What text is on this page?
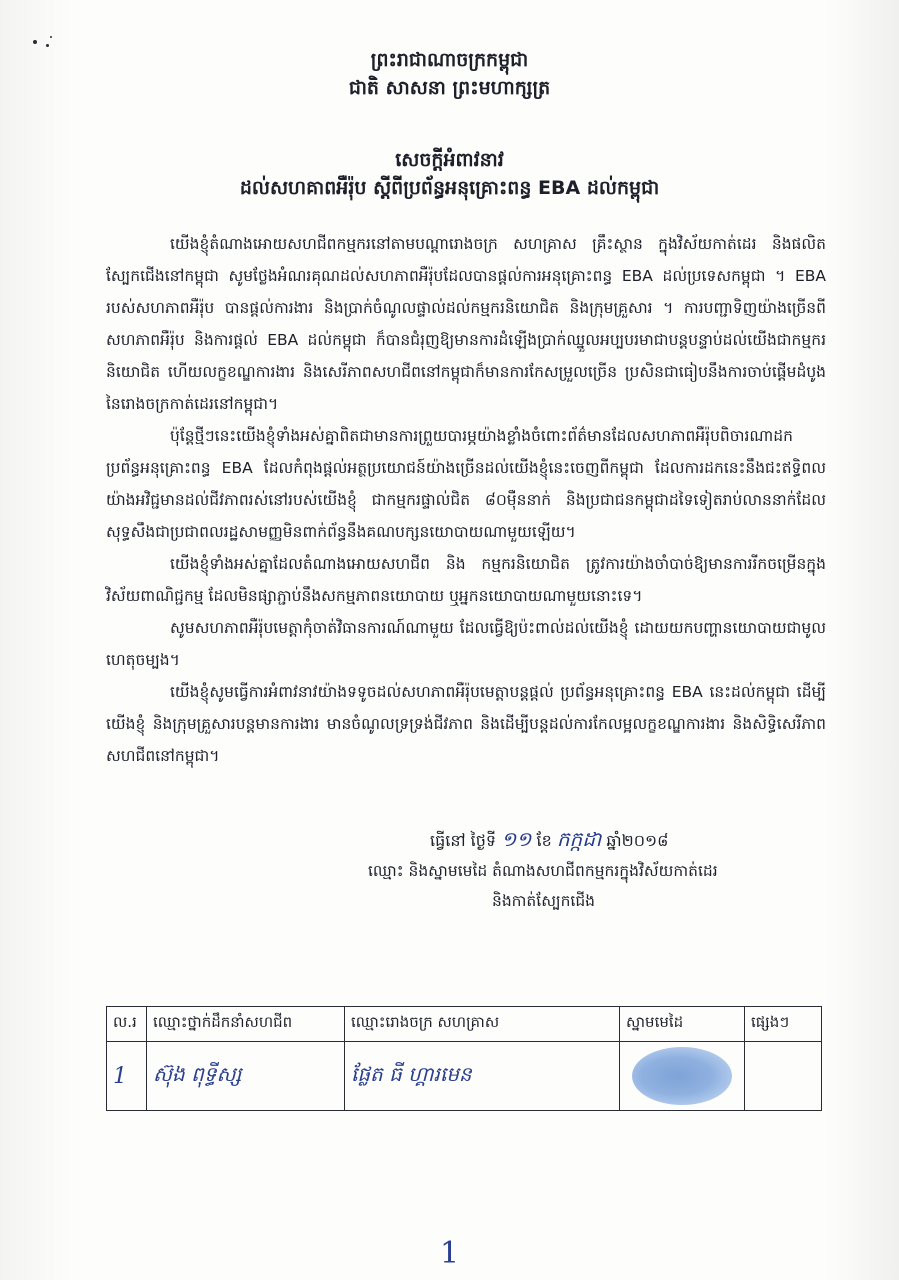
ព្រះរាជាណាចក្រកម្ពុជា
ជាតិ សាសនា ព្រះមហាក្សត្រ
សេចក្តីអំពាវនាវ
ដល់សហគាពអឺរ៉ុប ស្តីពីប្រព័ន្ធអនុគ្រោះពន្ធ EBA ដល់កម្ពុជា

យើងខ្ញុំតំណាងអោយសហជីពកម្មករនៅតាមបណ្តារោងចក្រ សហគ្រាស គ្រឹះស្ថាន ក្នុងវិស័យកាត់ដេរ និងផលិតស្បែកជើងនៅកម្ពុជា សូមថ្លែងអំណរគុណដល់សហភាពអឺរ៉ុបដែលបានផ្តល់ការអនុគ្រោះពន្ធ EBA ដល់ប្រទេសកម្ពុជា ។ EBA របស់សហភាពអឺរ៉ុប បានផ្តល់ការងារ និងប្រាក់ចំណូលផ្ទាល់ដល់កម្មករនិយោជិត និងក្រុមគ្រួសារ ។ ការបញ្ជាទិញយ៉ាងច្រើនពីសហភាពអឺរ៉ុប និងការផ្តល់ EBA ដល់កម្ពុជា ក៏បានជំរុញឱ្យមានការដំឡើងប្រាក់ឈ្នួលអប្បបរមាជាបន្តបន្ទាប់ដល់យើងជាកម្មករនិយោជិត ហើយលក្ខខណ្ឌការងារ និងសេរីភាពសហជីពនៅកម្ពុជាក៏មានការកែសម្រួលច្រើន ប្រសិនជាធៀបនឹងការចាប់ផ្តើមដំបូងនៃរោងចក្រកាត់ដេរនៅកម្ពុជា។

ប៉ុន្តែថ្មីៗនេះយើងខ្ញុំទាំងអស់គ្នាពិតជាមានការព្រួយបារម្ភយ៉ាងខ្លាំងចំពោះព័ត៌មានដែលសហភាពអឺរ៉ុបពិចារណាដកប្រព័ន្ធអនុគ្រោះពន្ធ EBA ដែលកំពុងផ្តល់អត្ថប្រយោជន៍យ៉ាងច្រើនដល់យើងខ្ញុំនេះចេញពីកម្ពុជា ដែលការដកនេះនឹងជះឥទ្ធិពលយ៉ាងអវិជ្ជមានដល់ជីវភាពរស់នៅរបស់យើងខ្ញុំ ជាកម្មករផ្ទាល់ជិត ៨០ម៉ឺននាក់ និងប្រជាជនកម្ពុជាដទៃទៀតរាប់លាននាក់ដែលសុទ្ធសឹងជាប្រជាពលរដ្ឋសាមញ្ញមិនពាក់ព័ន្ធនឹងគណបក្សនយោបាយណាមួយឡើយ។

យើងខ្ញុំទាំងអស់គ្នាដែលតំណាងអោយសហជីព និង កម្មករនិយោជិត ត្រូវការយ៉ាងចាំបាច់ឱ្យមានការរីកចម្រើនក្នុងវិស័យពាណិជ្ជកម្ម ដែលមិនផ្សាភ្ជាប់នឹងសកម្មភាពនយោបាយ ឬអ្នកនយោបាយណាមួយនោះទេ។

សូមសហភាពអឺរ៉ុបមេត្តាកុំចាត់វិធានការណ៍ណាមួយ ដែលធ្វើឱ្យប៉ះពាល់ដល់យើងខ្ញុំ ដោយយកបញ្ហានយោបាយជាមូលហេតុចម្បង។

យើងខ្ញុំសូមធ្វើការអំពាវនាវយ៉ាងទទូចដល់សហភាពអឺរ៉ុបមេត្តាបន្តផ្តល់ ប្រព័ន្ធអនុគ្រោះពន្ធ EBA នេះដល់កម្ពុជា ដើម្បីយើងខ្ញុំ និងក្រុមគ្រួសារបន្តមានការងារ មានចំណូលទ្រទ្រង់ជីវភាព និងដើម្បីបន្តដល់ការកែលម្អលក្ខខណ្ឌការងារ និងសិទ្ធិសេរីភាពសហជីពនៅកម្ពុជា។

ធ្វើនៅ ថ្ងៃទី ១១ ខែ កក្កដា ឆ្នាំ២០១៨
ឈ្មោះ និងស្នាមមេដៃ តំណាងសហជីពកម្មករក្នុងវិស័យកាត់ដេរ
និងកាត់ស្បែកជើង
ល.រ	ឈ្មោះថ្នាក់ដឹកនាំសហជីព	ឈ្មោះរោងចក្រ សហគ្រាស	ស្នាមមេដៃ	ផ្សេងៗ
1	ស៊ុង ពុទ្ធីស្ស	ផ្លែត ធី ហ្គារមេន	

1
